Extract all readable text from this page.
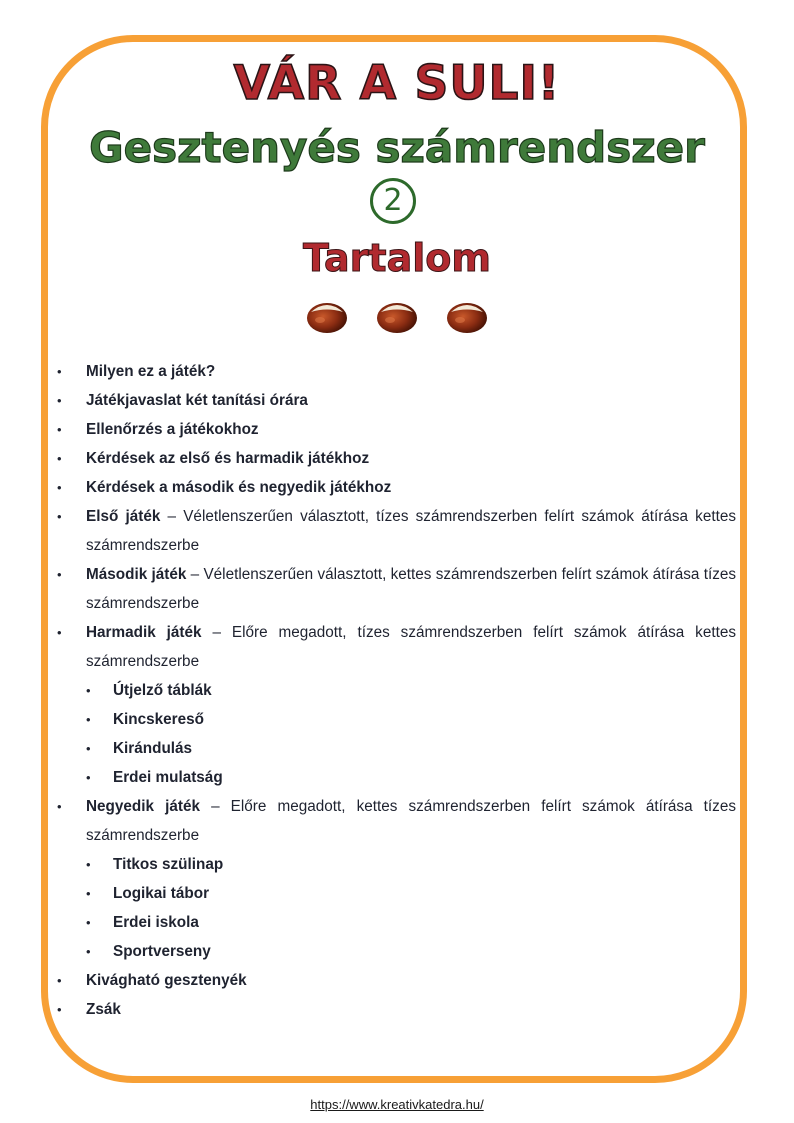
VÁR A SULI!
Gesztenyés számrendszer
2
Tartalom
• Milyen ez a játék?
• Játékjavaslat két tanítási órára
• Ellenőrzés a játékokhoz
• Kérdések az első és harmadik játékhoz
• Kérdések a második és negyedik játékhoz
• Első játék – Véletlenszerűen választott, tízes számrendszerben felírt számok átírása kettes számrendszerbe
• Második játék – Véletlenszerűen választott, kettes számrendszerben felírt számok átírása tízes számrendszerbe
• Harmadik játék – Előre megadott, tízes számrendszerben felírt számok átírása kettes számrendszerbe
• Útjelző táblák
• Kincskereső
• Kirándulás
• Erdei mulatság
• Negyedik játék – Előre megadott, kettes számrendszerben felírt számok átírása tízes számrendszerbe
• Titkos szülinap
• Logikai tábor
• Erdei iskola
• Sportverseny
• Kivágható gesztenyék
• Zsák
https://www.kreativkatedra.hu/
